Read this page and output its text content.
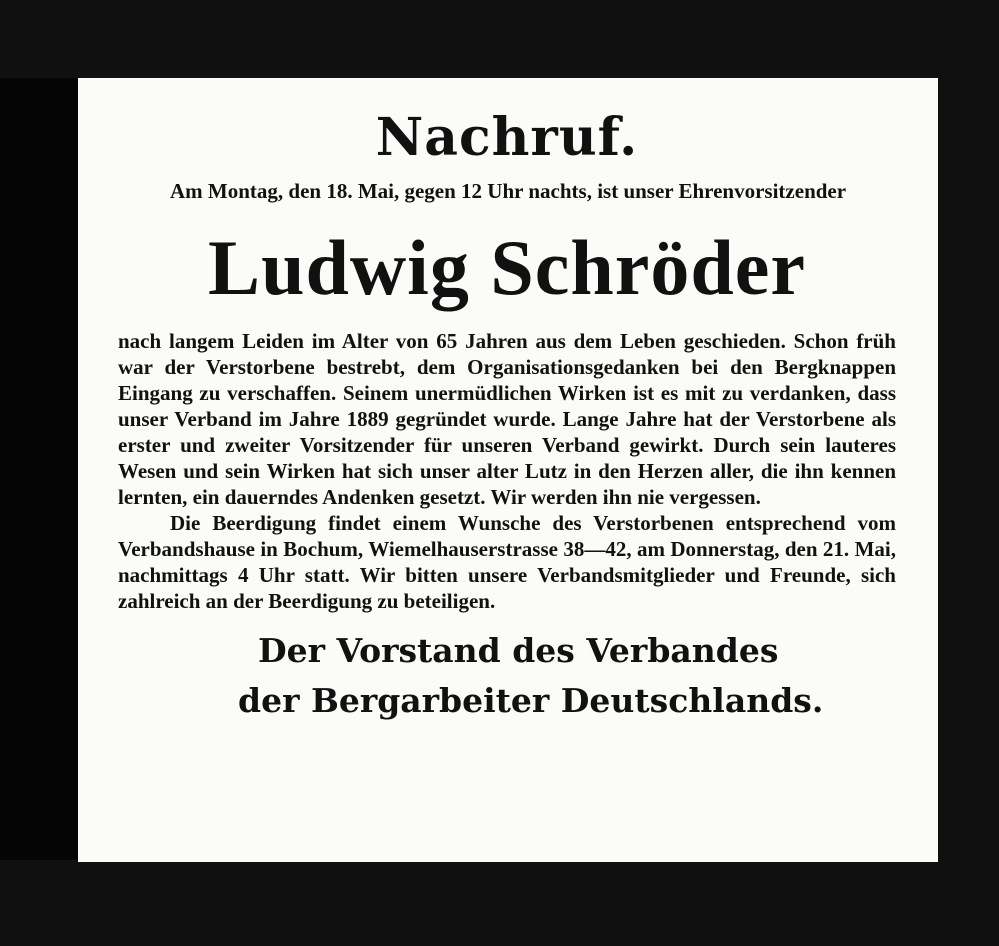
Nachruf.

Am Montag, den 18. Mai, gegen 12 Uhr nachts, ist unser Ehrenvorsitzender

Ludwig Schröder

nach langem Leiden im Alter von 65 Jahren aus dem Leben geschieden. Schon früh war der Verstorbene bestrebt, dem Organisationsgedanken bei den Bergknappen Eingang zu verschaffen. Seinem unermüdlichen Wirken ist es mit zu verdanken, dass unser Verband im Jahre 1889 gegründet wurde. Lange Jahre hat der Verstorbene als erster und zweiter Vorsitzender für unseren Verband gewirkt. Durch sein lauteres Wesen und sein Wirken hat sich unser alter Lutz in den Herzen aller, die ihn kennen lernten, ein dauerndes Andenken gesetzt. Wir werden ihn nie vergessen.

Die Beerdigung findet einem Wunsche des Verstorbenen entsprechend vom Verbandshause in Bochum, Wiemelhauserstrasse 38—42, am Donnerstag, den 21. Mai, nachmittags 4 Uhr statt. Wir bitten unsere Verbandsmitglieder und Freunde, sich zahlreich an der Beerdigung zu beteiligen.

Der Vorstand des Verbandes
der Bergarbeiter Deutschlands.
